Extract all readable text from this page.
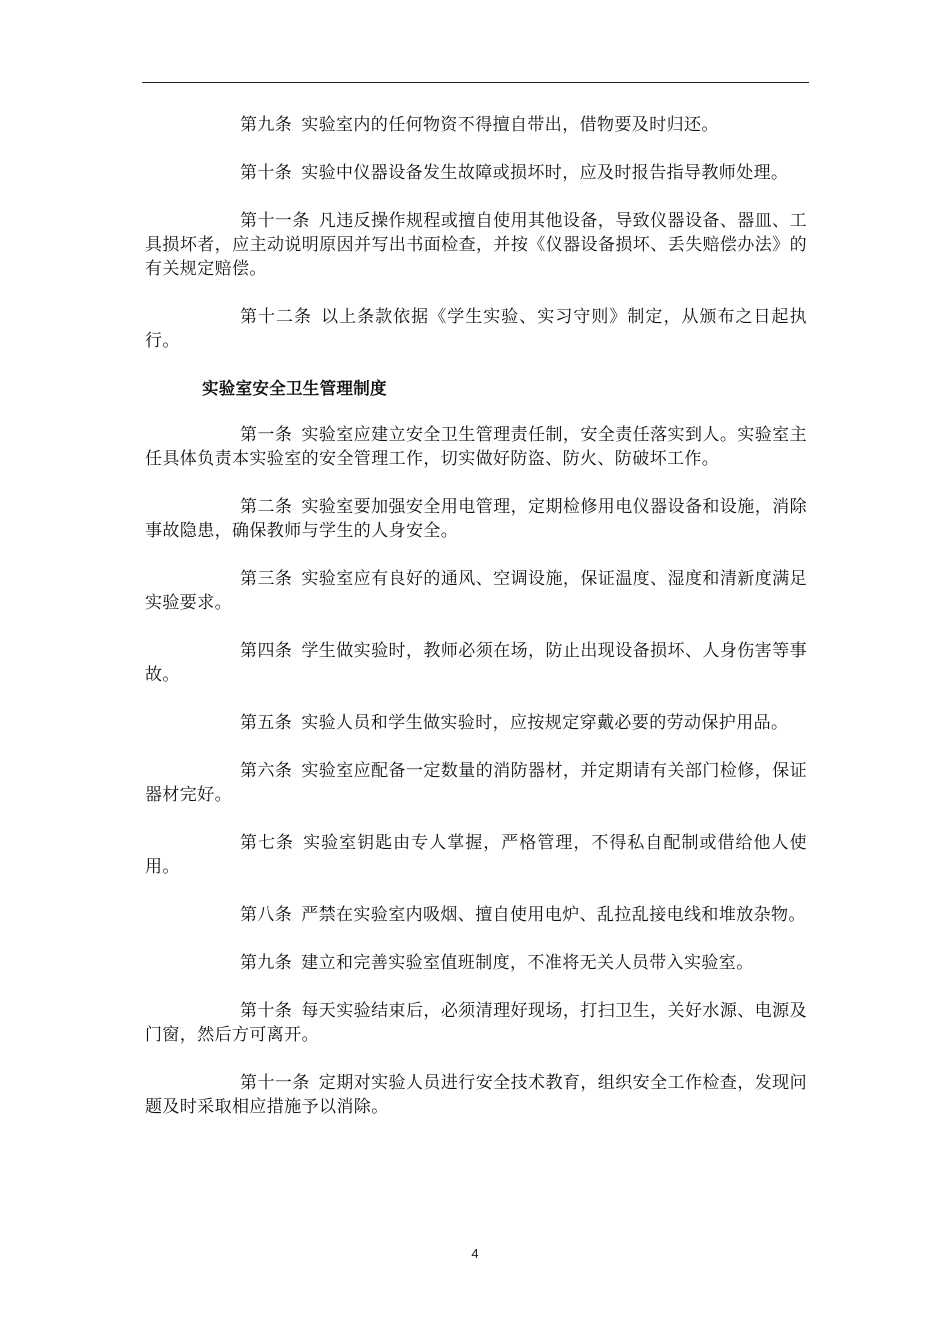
第九条 实验室内的任何物资不得擅自带出，借物要及时归还。

第十条 实验中仪器设备发生故障或损坏时，应及时报告指导教师处理。

第十一条 凡违反操作规程或擅自使用其他设备，导致仪器设备、器皿、工具损坏者，应主动说明原因并写出书面检查，并按《仪器设备损坏、丢失赔偿办法》的有关规定赔偿。

第十二条 以上条款依据《学生实验、实习守则》制定，从颁布之日起执行。

实验室安全卫生管理制度

第一条 实验室应建立安全卫生管理责任制，安全责任落实到人。实验室主任具体负责本实验室的安全管理工作，切实做好防盗、防火、防破坏工作。

第二条 实验室要加强安全用电管理，定期检修用电仪器设备和设施，消除事故隐患，确保教师与学生的人身安全。

第三条 实验室应有良好的通风、空调设施，保证温度、湿度和清新度满足实验要求。

第四条 学生做实验时，教师必须在场，防止出现设备损坏、人身伤害等事故。

第五条 实验人员和学生做实验时，应按规定穿戴必要的劳动保护用品。

第六条 实验室应配备一定数量的消防器材，并定期请有关部门检修，保证器材完好。

第七条 实验室钥匙由专人掌握，严格管理，不得私自配制或借给他人使用。

第八条 严禁在实验室内吸烟、擅自使用电炉、乱拉乱接电线和堆放杂物。

第九条 建立和完善实验室值班制度，不准将无关人员带入实验室。

第十条 每天实验结束后，必须清理好现场，打扫卫生，关好水源、电源及门窗，然后方可离开。

第十一条 定期对实验人员进行安全技术教育，组织安全工作检查，发现问题及时采取相应措施予以消除。

4
